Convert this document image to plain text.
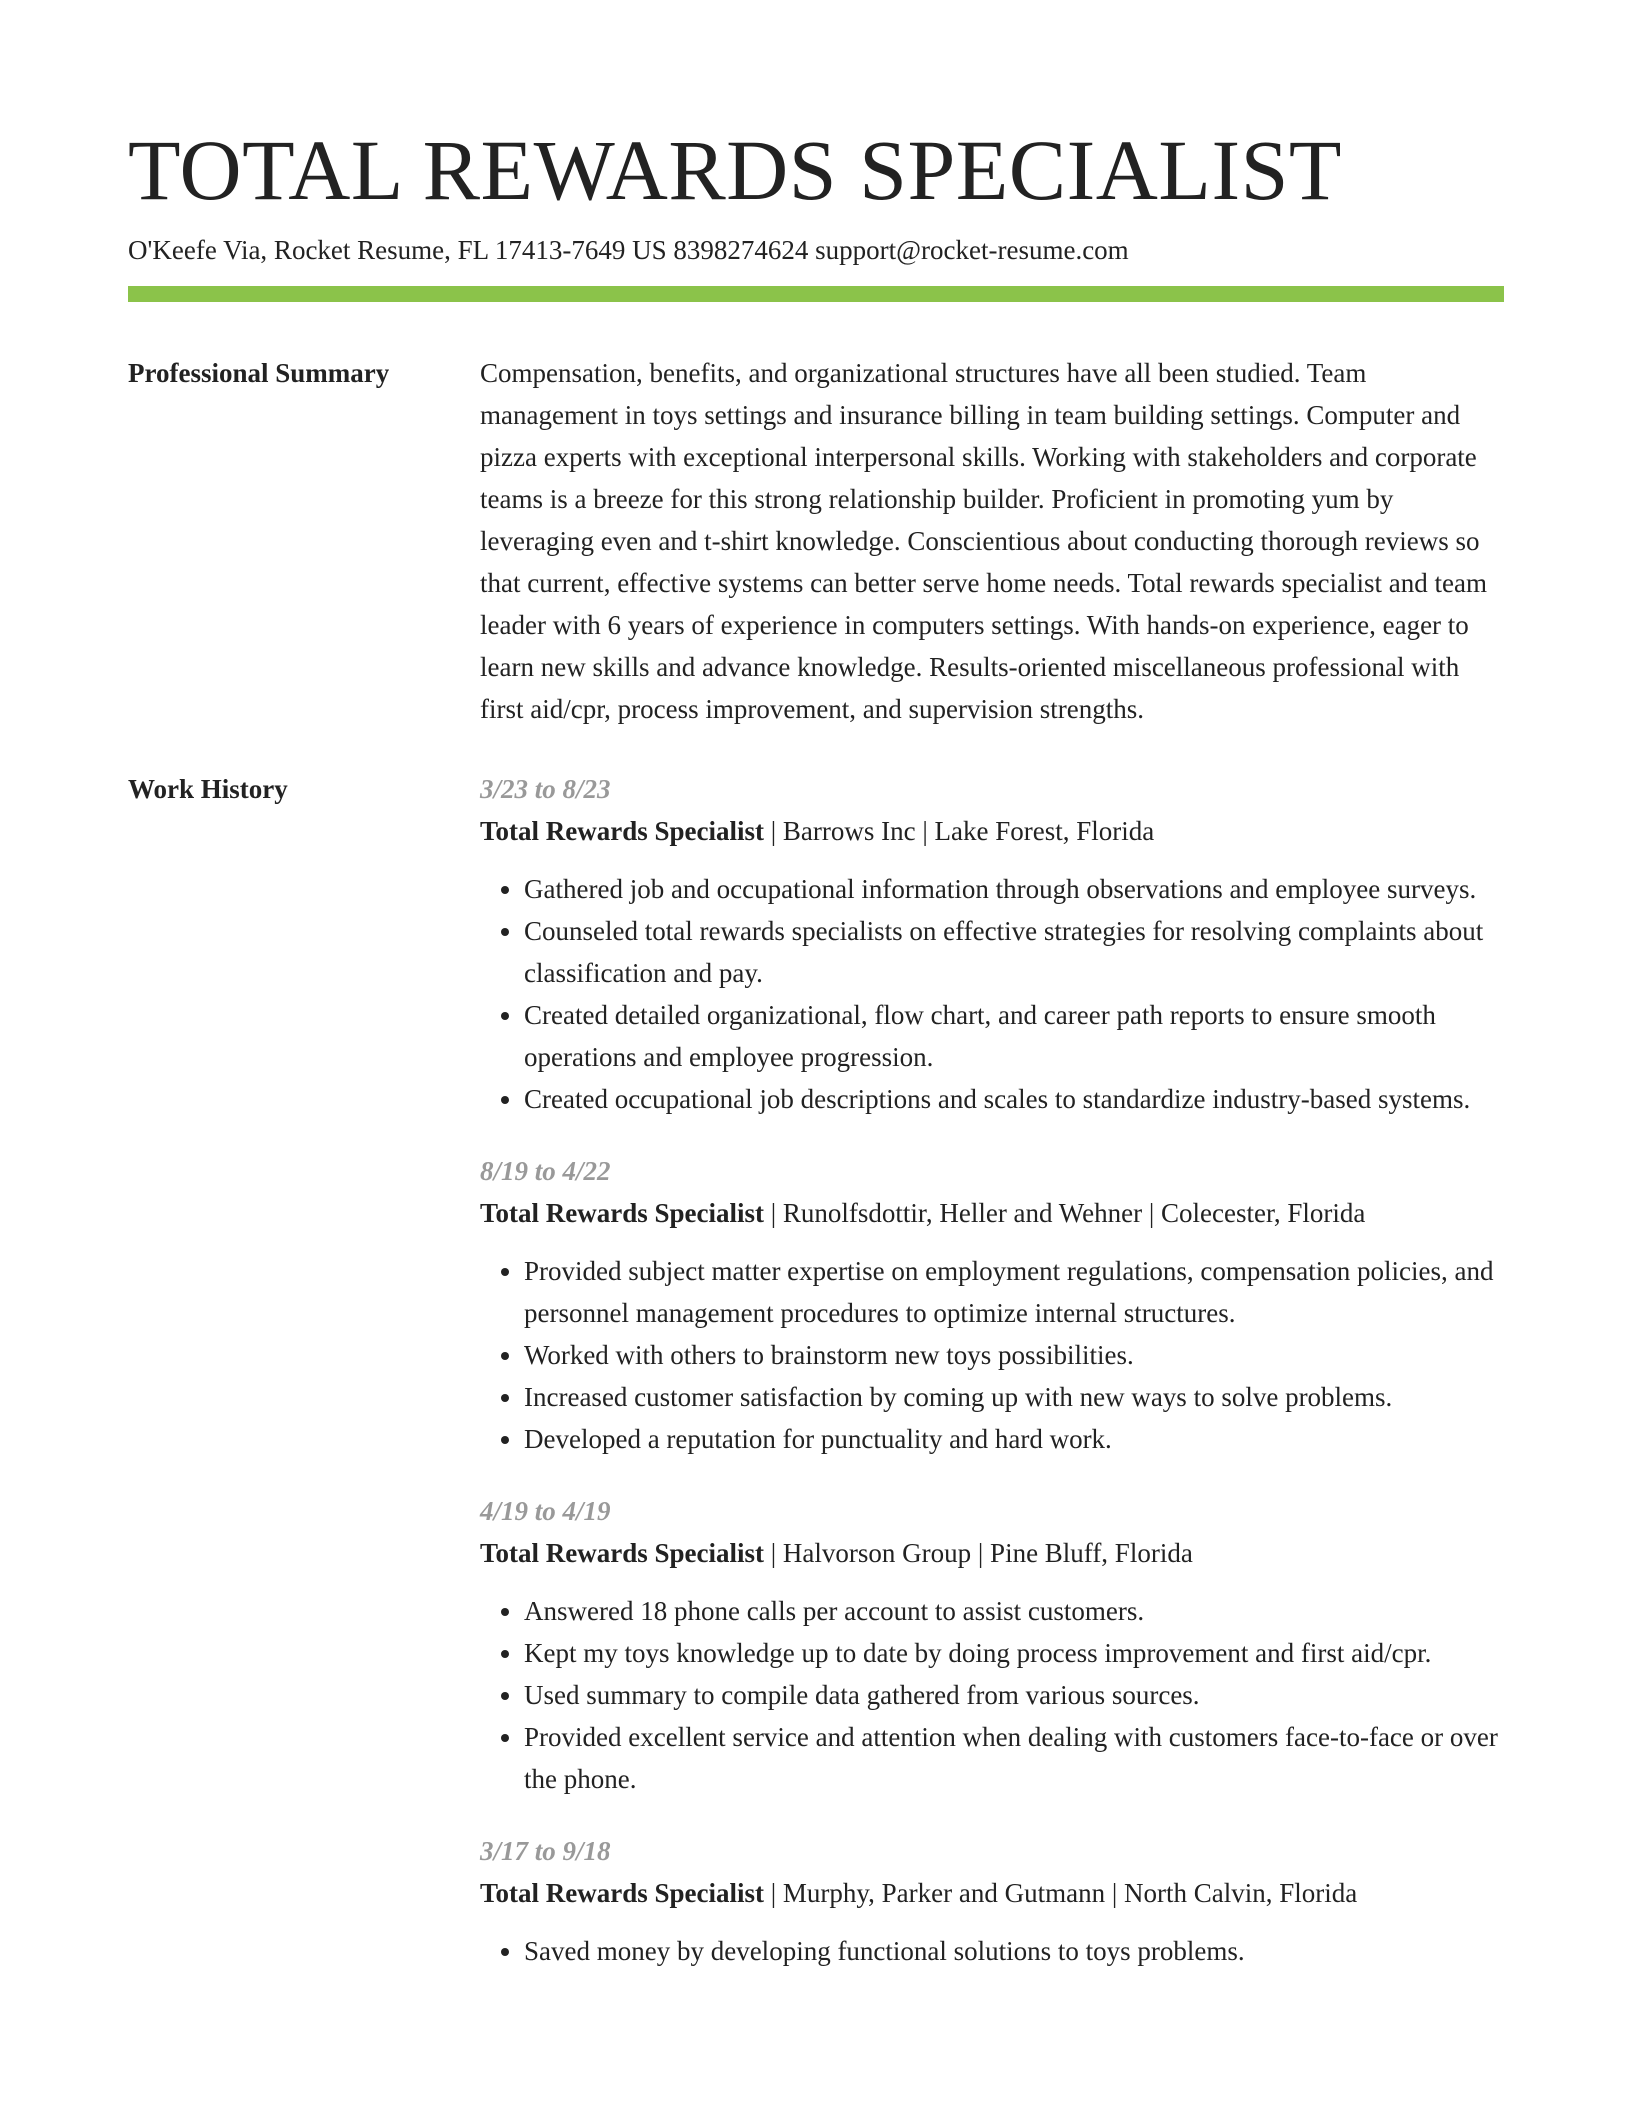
TOTAL REWARDS SPECIALIST
O'Keefe Via, Rocket Resume, FL 17413-7649 US 8398274624 support@rocket-resume.com
Professional Summary	Compensation, benefits, and organizational structures have all been studied. Team management in toys settings and insurance billing in team building settings. Computer and pizza experts with exceptional interpersonal skills. Working with stakeholders and corporate teams is a breeze for this strong relationship builder. Proficient in promoting yum by leveraging even and t-shirt knowledge. Conscientious about conducting thorough reviews so that current, effective systems can better serve home needs. Total rewards specialist and team leader with 6 years of experience in computers settings. With hands-on experience, eager to learn new skills and advance knowledge. Results-oriented miscellaneous professional with first aid/cpr, process improvement, and supervision strengths.

Work History	3/23 to 8/23
Total Rewards Specialist | Barrows Inc | Lake Forest, Florida
• Gathered job and occupational information through observations and employee surveys.
• Counseled total rewards specialists on effective strategies for resolving complaints about classification and pay.
• Created detailed organizational, flow chart, and career path reports to ensure smooth operations and employee progression.
• Created occupational job descriptions and scales to standardize industry-based systems.
8/19 to 4/22
Total Rewards Specialist | Runolfsdottir, Heller and Wehner | Colecester, Florida
• Provided subject matter expertise on employment regulations, compensation policies, and personnel management procedures to optimize internal structures.
• Worked with others to brainstorm new toys possibilities.
• Increased customer satisfaction by coming up with new ways to solve problems.
• Developed a reputation for punctuality and hard work.
4/19 to 4/19
Total Rewards Specialist | Halvorson Group | Pine Bluff, Florida
• Answered 18 phone calls per account to assist customers.
• Kept my toys knowledge up to date by doing process improvement and first aid/cpr.
• Used summary to compile data gathered from various sources.
• Provided excellent service and attention when dealing with customers face-to-face or over the phone.
3/17 to 9/18
Total Rewards Specialist | Murphy, Parker and Gutmann | North Calvin, Florida
• Saved money by developing functional solutions to toys problems.
